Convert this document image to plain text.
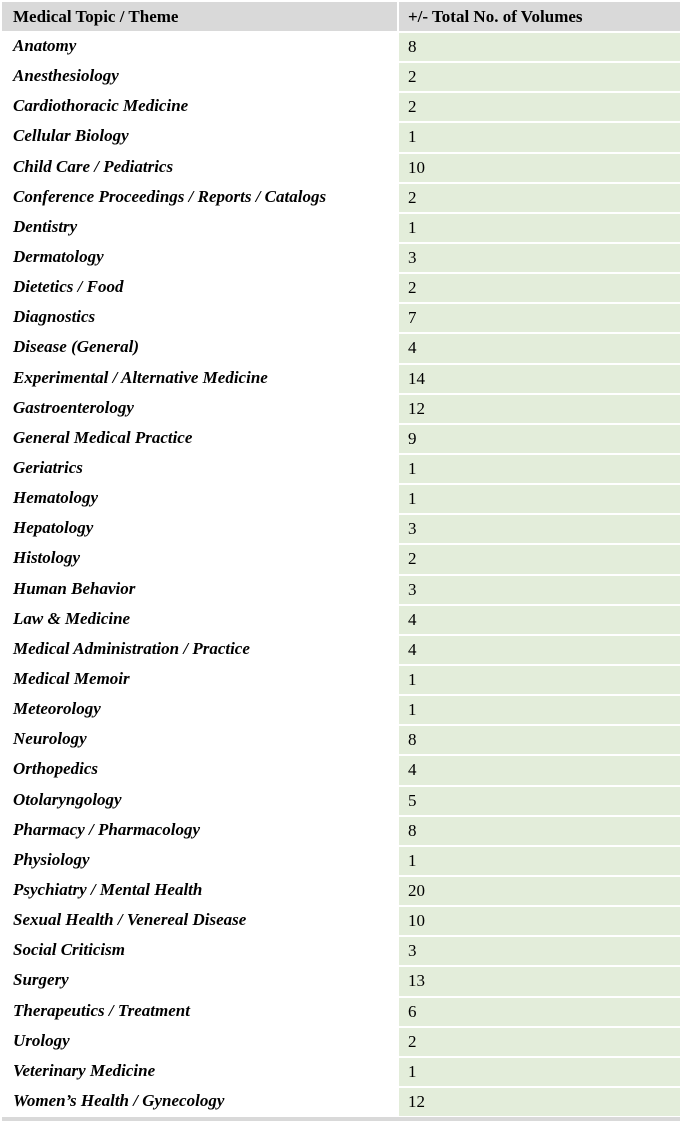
Medical Topic / Theme	+/- Total No. of Volumes
Anatomy	8
Anesthesiology	2
Cardiothoracic Medicine	2
Cellular Biology	1
Child Care / Pediatrics	10
Conference Proceedings / Reports / Catalogs	2
Dentistry	1
Dermatology	3
Dietetics / Food	2
Diagnostics	7
Disease (General)	4
Experimental / Alternative Medicine	14
Gastroenterology	12
General Medical Practice	9
Geriatrics	1
Hematology	1
Hepatology	3
Histology	2
Human Behavior	3
Law & Medicine	4
Medical Administration / Practice	4
Medical Memoir	1
Meteorology	1
Neurology	8
Orthopedics	4
Otolaryngology	5
Pharmacy / Pharmacology	8
Physiology	1
Psychiatry / Mental Health	20
Sexual Health / Venereal Disease	10
Social Criticism	3
Surgery	13
Therapeutics / Treatment	6
Urology	2
Veterinary Medicine	1
Women’s Health / Gynecology	12
